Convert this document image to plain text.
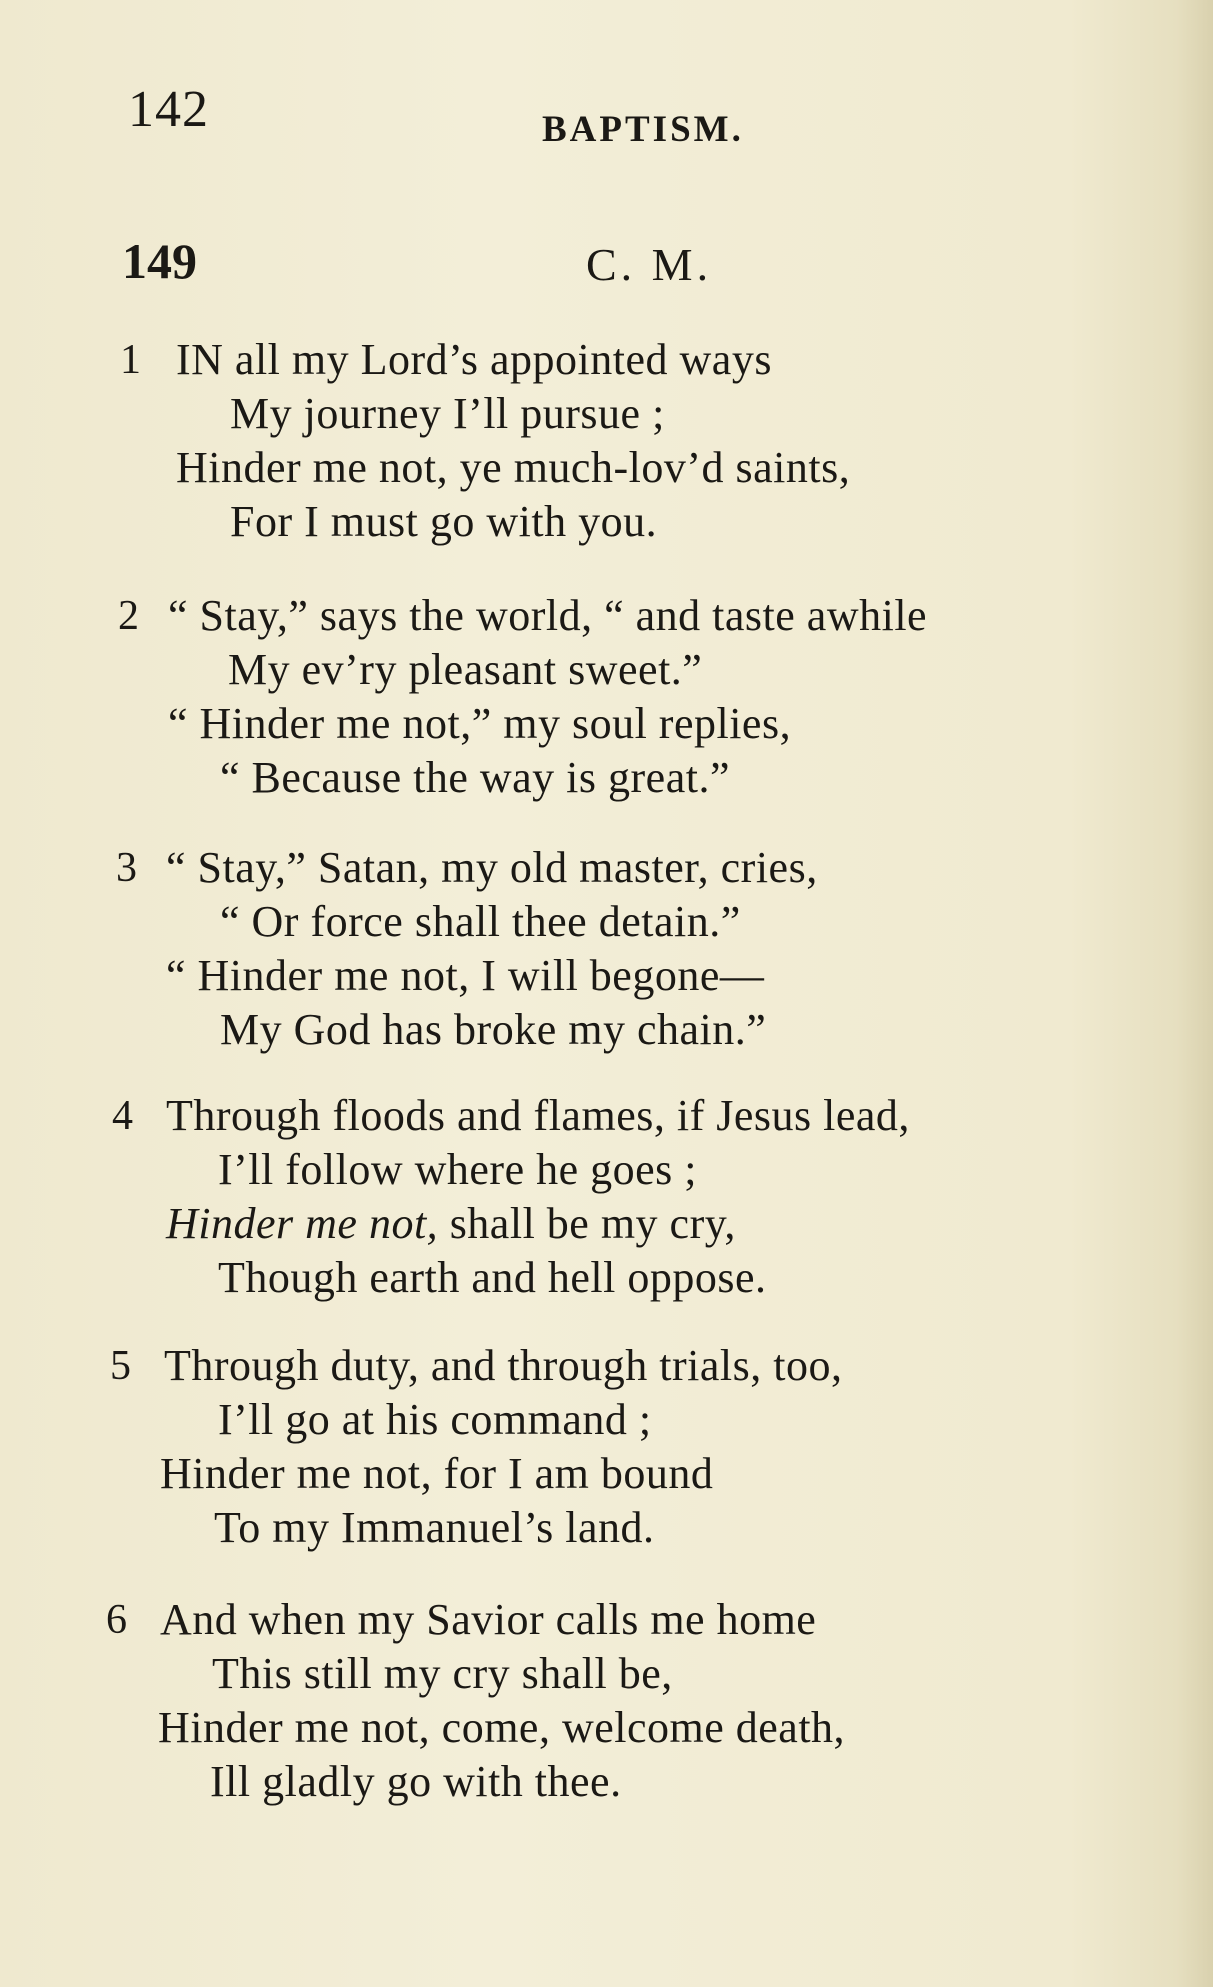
142	BAPTISM.
149	C. M.
1 IN all my Lord’s appointed ways
My journey I’ll pursue ;
Hinder me not, ye much-lov’d saints,
For I must go with you.
2 “ Stay,” says the world, “ and taste awhile
My ev’ry pleasant sweet.”
“ Hinder me not,” my soul replies,
“ Because the way is great.”
3 “ Stay,” Satan, my old master, cries,
“ Or force shall thee detain.”
“ Hinder me not, I will begone—
My God has broke my chain.”
4 Through floods and flames, if Jesus lead,
I’ll follow where he goes ;
Hinder me not, shall be my cry,
Though earth and hell oppose.
5 Through duty, and through trials, too,
I’ll go at his command ;
Hinder me not, for I am bound
To my Immanuel’s land.
6 And when my Savior calls me home
This still my cry shall be,
Hinder me not, come, welcome death,
Ill gladly go with thee.
